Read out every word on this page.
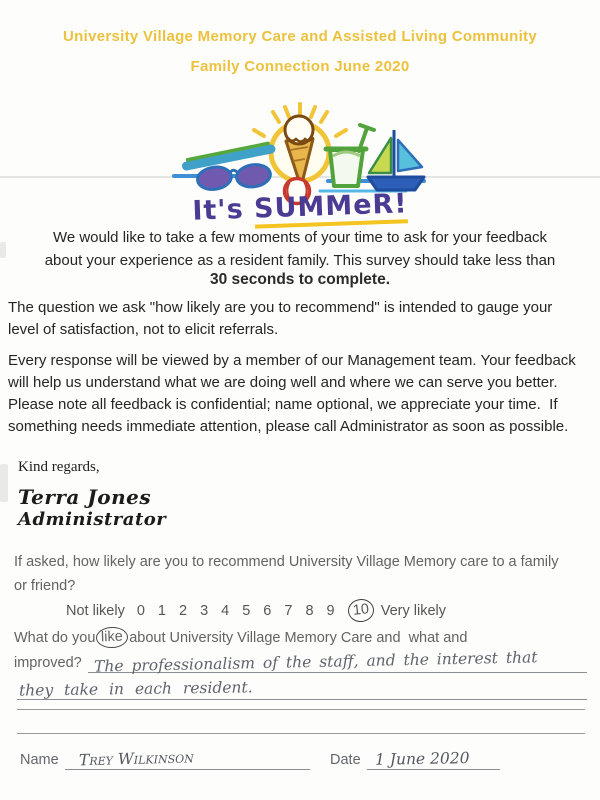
University Village Memory Care and Assisted Living Community
Family Connection June 2020
It's SUMMeR!
We would like to take a few moments of your time to ask for your feedback about your experience as a resident family. This survey should take less than
30 seconds to complete.
The question we ask "how likely are you to recommend" is intended to gauge your level of satisfaction, not to elicit referrals.
Every response will be viewed by a member of our Management team. Your feedback will help us understand what we are doing well and where we can serve you better. Please note all feedback is confidential; name optional, we appreciate your time.  If something needs immediate attention, please call Administrator as soon as possible.
Kind regards,
Terra Jones
Administrator
If asked, how likely are you to recommend University Village Memory care to a family or friend?
Not likely 0 1 2 3 4 5 6 7 8 9	10 Very likely
What do you like about University Village Memory Care and  what and
improved? The professionalism of the staff, and the interest that
they take in each resident.
Name	Trey Wilkinson	Date 1 June 2020
